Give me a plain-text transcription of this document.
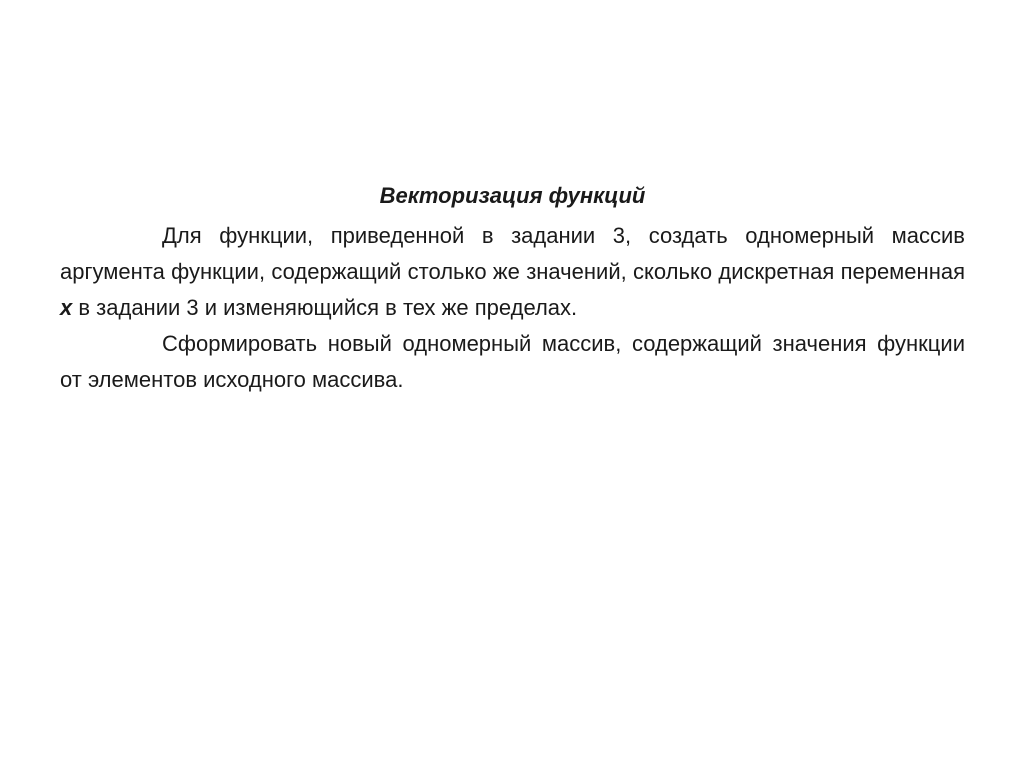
Векторизация функций

Для функции, приведенной в задании 3, создать одномерный массив аргумента функции, содержащий столько же значений, сколько дискретная переменная x в задании 3 и изменяющийся в тех же пределах.

Сформировать новый одномерный массив, содержащий значения функции от элементов исходного массива.
